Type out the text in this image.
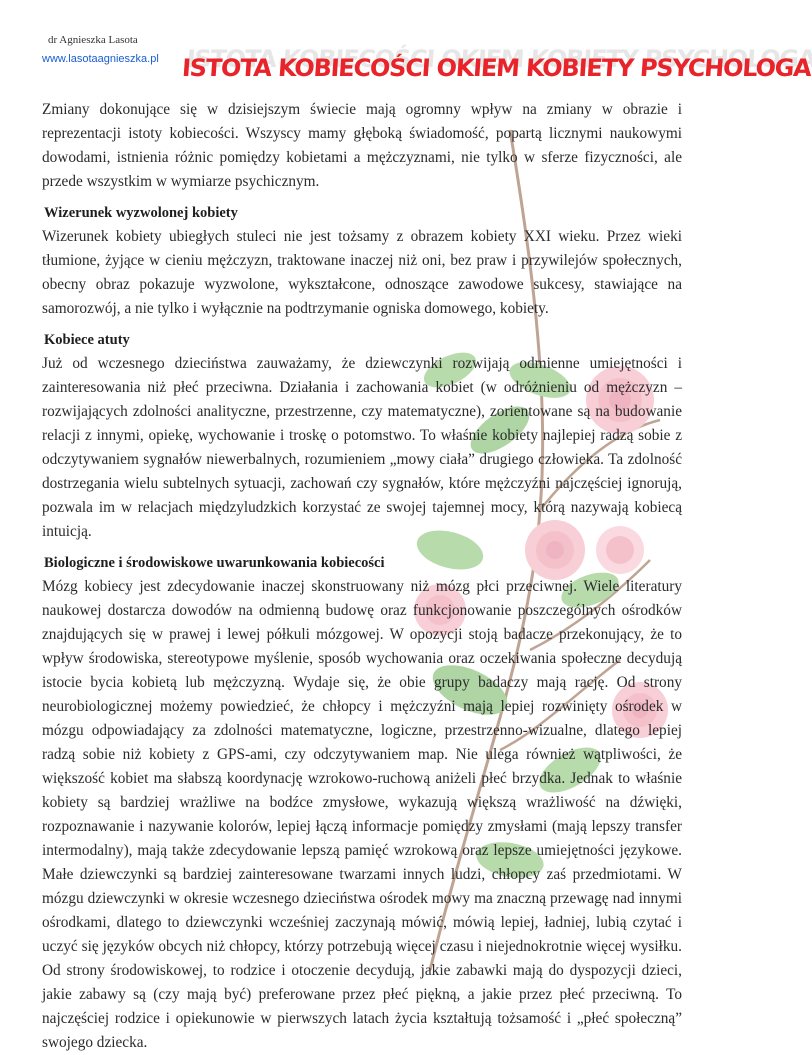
dr Agnieszka Lasota
www.lasotaagnieszka.pl ISTOTA KOBIECOŚCI OKIEM KOBIETY PSYCHOLOGA

Zmiany dokonujące się w dzisiejszym świecie mają ogromny wpływ na zmiany w obrazie i reprezentacji istoty kobiecości. Wszyscy mamy głęboką świadomość, popartą licznymi naukowymi dowodami, istnienia różnic pomiędzy kobietami a mężczyznami, nie tylko w sferze fizyczności, ale przede wszystkim w wymiarze psychicznym.

Wizerunek wyzwolonej kobiety

Wizerunek kobiety ubiegłych stuleci nie jest tożsamy z obrazem kobiety XXI wieku. Przez wieki tłumione, żyjące w cieniu mężczyzn, traktowane inaczej niż oni, bez praw i przywilejów społecznych, obecny obraz pokazuje wyzwolone, wykształcone, odnoszące zawodowe sukcesy, stawiające na samorozwój, a nie tylko i wyłącznie na podtrzymanie ogniska domowego, kobiety.

Kobiece atuty

Już od wczesnego dzieciństwa zauważamy, że dziewczynki rozwijają odmienne umiejętności i zainteresowania niż płeć przeciwna. Działania i zachowania kobiet (w odróżnieniu od mężczyzn – rozwijających zdolności analityczne, przestrzenne, czy matematyczne), zorientowane są na budowanie relacji z innymi, opiekę, wychowanie i troskę o potomstwo. To właśnie kobiety najlepiej radzą sobie z odczytywaniem sygnałów niewerbalnych, rozumieniem „mowy ciała” drugiego człowieka. Ta zdolność dostrzegania wielu subtelnych sytuacji, zachowań czy sygnałów, które mężczyźni najczęściej ignorują, pozwala im w relacjach międzyludzkich korzystać ze swojej tajemnej mocy, którą nazywają kobiecą intuicją.

Biologiczne i środowiskowe uwarunkowania kobiecości

Mózg kobiecy jest zdecydowanie inaczej skonstruowany niż mózg płci przeciwnej. Wiele literatury naukowej dostarcza dowodów na odmienną budowę oraz funkcjonowanie poszczególnych ośrodków znajdujących się w prawej i lewej półkuli mózgowej. W opozycji stoją badacze przekonujący, że to wpływ środowiska, stereotypowe myślenie, sposób wychowania oraz oczekiwania społeczne decydują istocie bycia kobietą lub mężczyzną. Wydaje się, że obie grupy badaczy mają rację. Od strony neurobiologicznej możemy powiedzieć, że chłopcy i mężczyźni mają lepiej rozwinięty ośrodek w mózgu odpowiadający za zdolności matematyczne, logiczne, przestrzenno-wizualne, dlatego lepiej radzą sobie niż kobiety z GPS-ami, czy odczytywaniem map. Nie ulega również wątpliwości, że większość kobiet ma słabszą koordynację wzrokowo-ruchową aniżeli płeć brzydka. Jednak to właśnie kobiety są bardziej wrażliwe na bodźce zmysłowe, wykazują większą wrażliwość na dźwięki, rozpoznawanie i nazywanie kolorów, lepiej łączą informacje pomiędzy zmysłami (mają lepszy transfer intermodalny), mają także zdecydowanie lepszą pamięć wzrokową oraz lepsze umiejętności językowe. Małe dziewczynki są bardziej zainteresowane twarzami innych ludzi, chłopcy zaś przedmiotami. W mózgu dziewczynki w okresie wczesnego dzieciństwa ośrodek mowy ma znaczną przewagę nad innymi ośrodkami, dlatego to dziewczynki wcześniej zaczynają mówić, mówią lepiej, ładniej, lubią czytać i uczyć się języków obcych niż chłopcy, którzy potrzebują więcej czasu i niejednokrotnie więcej wysiłku. Od strony środowiskowej, to rodzice i otoczenie decydują, jakie zabawki mają do dyspozycji dzieci, jakie zabawy są (czy mają być) preferowane przez płeć piękną, a jakie przez płeć przeciwną. To najczęściej rodzice i opiekunowie w pierwszych latach życia kształtują tożsamość i „płeć społeczną” swojego dziecka.
